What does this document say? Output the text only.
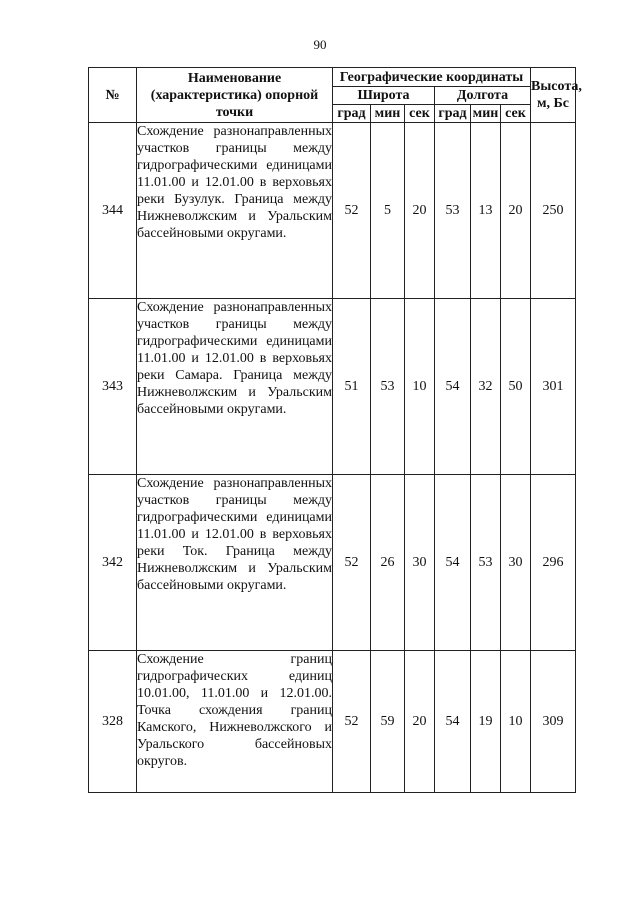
90
№	Наименование (характеристика) опорной точки	Географические координаты						Высота, м, Бс
		Широта			Долгота			
		град	мин	сек	град	мин	сек	
344	Схождение разнонаправленных участков границы между гидрографическими единицами 11.01.00 и 12.01.00 в верховьях реки Бузулук. Граница между Нижневолжским и Уральским бассейновыми округами.	52	5	20	53	13	20	250
343	Схождение разнонаправленных участков границы между гидрографическими единицами 11.01.00 и 12.01.00 в верховьях реки Самара. Граница между Нижневолжским и Уральским бассейновыми округами.	51	53	10	54	32	50	301
342	Схождение разнонаправленных участков границы между гидрографическими единицами 11.01.00 и 12.01.00 в верховьях реки Ток. Граница между Нижневолжским и Уральским бассейновыми округами.	52	26	30	54	53	30	296
328	Схождение границ гидрографических единиц 10.01.00, 11.01.00 и 12.01.00. Точка схождения границ Камского, Нижневолжского и Уральского бассейновых округов.	52	59	20	54	19	10	309
